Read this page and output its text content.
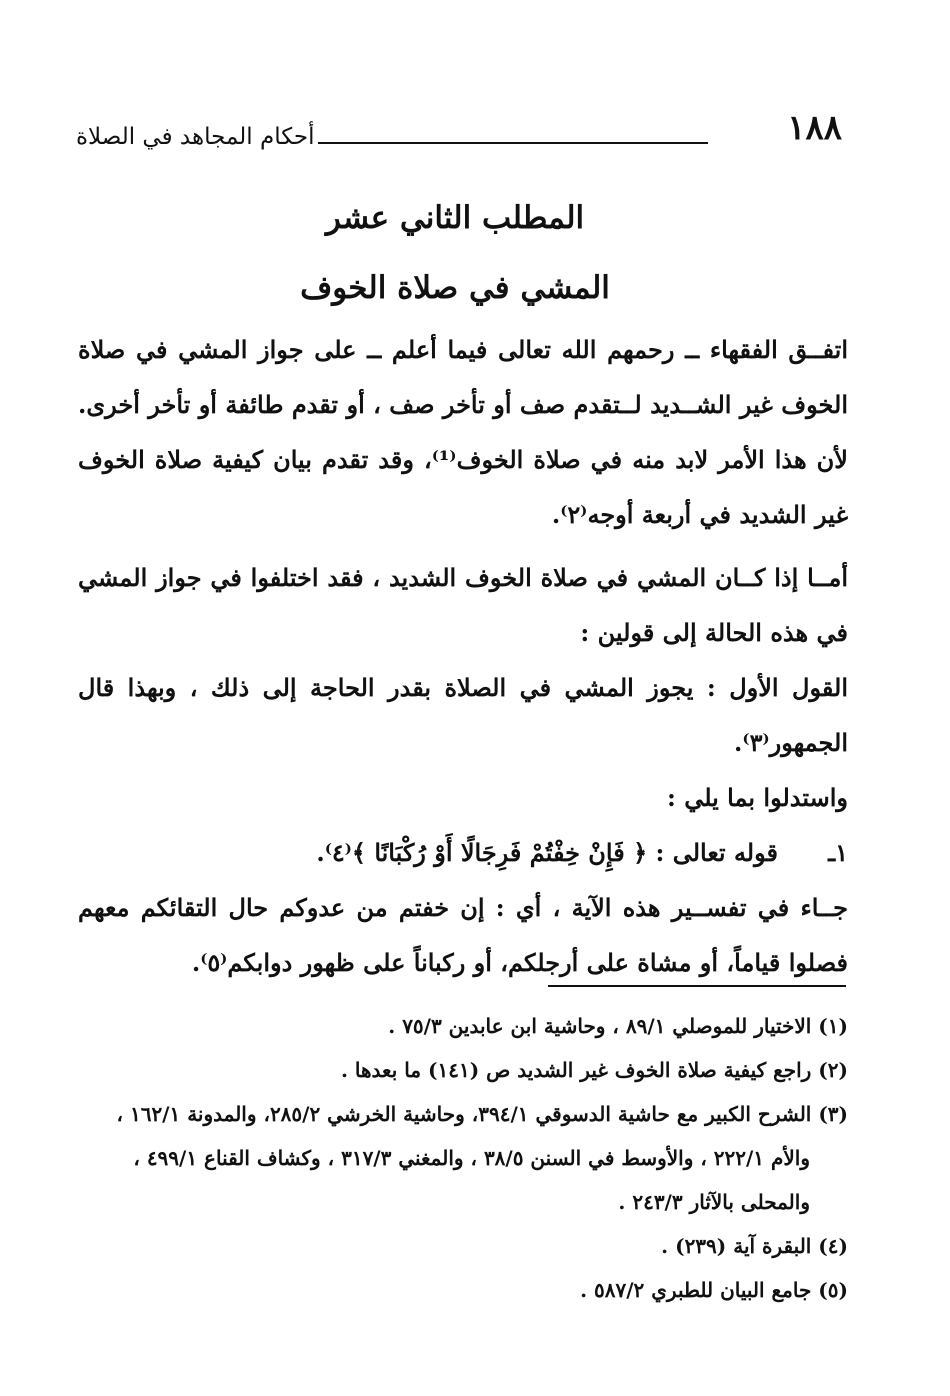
١٨٨
أحكام المجاهد في الصلاة
المطلب الثاني عشر
المشي في صلاة الخوف

اتفــق الفقهاء ــ رحمهم الله تعالى فيما أعلم ــ على جواز المشي في صلاة الخوف غير الشــديد لــتقدم صف أو تأخر صف ، أو تقدم طائفة أو تأخر أخرى. لأن هذا الأمر لابد منه في صلاة الخوف⁽¹⁾، وقد تقدم بيان كيفية صلاة الخوف غير الشديد في أربعة أوجه⁽٢⁾.

أمــا إذا كــان المشي في صلاة الخوف الشديد ، فقد اختلفوا في جواز المشي في هذه الحالة إلى قولين :

القول الأول : يجوز المشي في الصلاة بقدر الحاجة إلى ذلك ، وبهذا قال الجمهور⁽٣⁾.

واستدلوا بما يلي :

١ـقوله تعالى : ﴿ فَإِنْ خِفْتُمْ فَرِجَالًا أَوْ رُكْبَانًا ﴾⁽٤⁾.

جــاء في تفســير هذه الآية ، أي : إن خفتم من عدوكم حال التقائكم معهم فصلوا قياماً، أو مشاة على أرجلكم، أو ركباناً على ظهور دوابكم⁽٥⁾.

(١) الاختيار للموصلي ٨٩/١ ، وحاشية ابن عابدين ٧٥/٣ .

(٢) راجع كيفية صلاة الخوف غير الشديد ص (١٤١) ما بعدها .

(٣) الشرح الكبير مع حاشية الدسوقي ٣٩٤/١، وحاشية الخرشي ٢٨٥/٢، والمدونة ١٦٢/١ ،

والأم ٢٢٢/١ ، والأوسط في السنن ٣٨/٥ ، والمغني ٣١٧/٣ ، وكشاف القناع ٤٩٩/١ ،

والمحلى بالآثار ٢٤٣/٣ .

(٤) البقرة آية (٢٣٩) .

(٥) جامع البيان للطبري ٥٨٧/٢ .
